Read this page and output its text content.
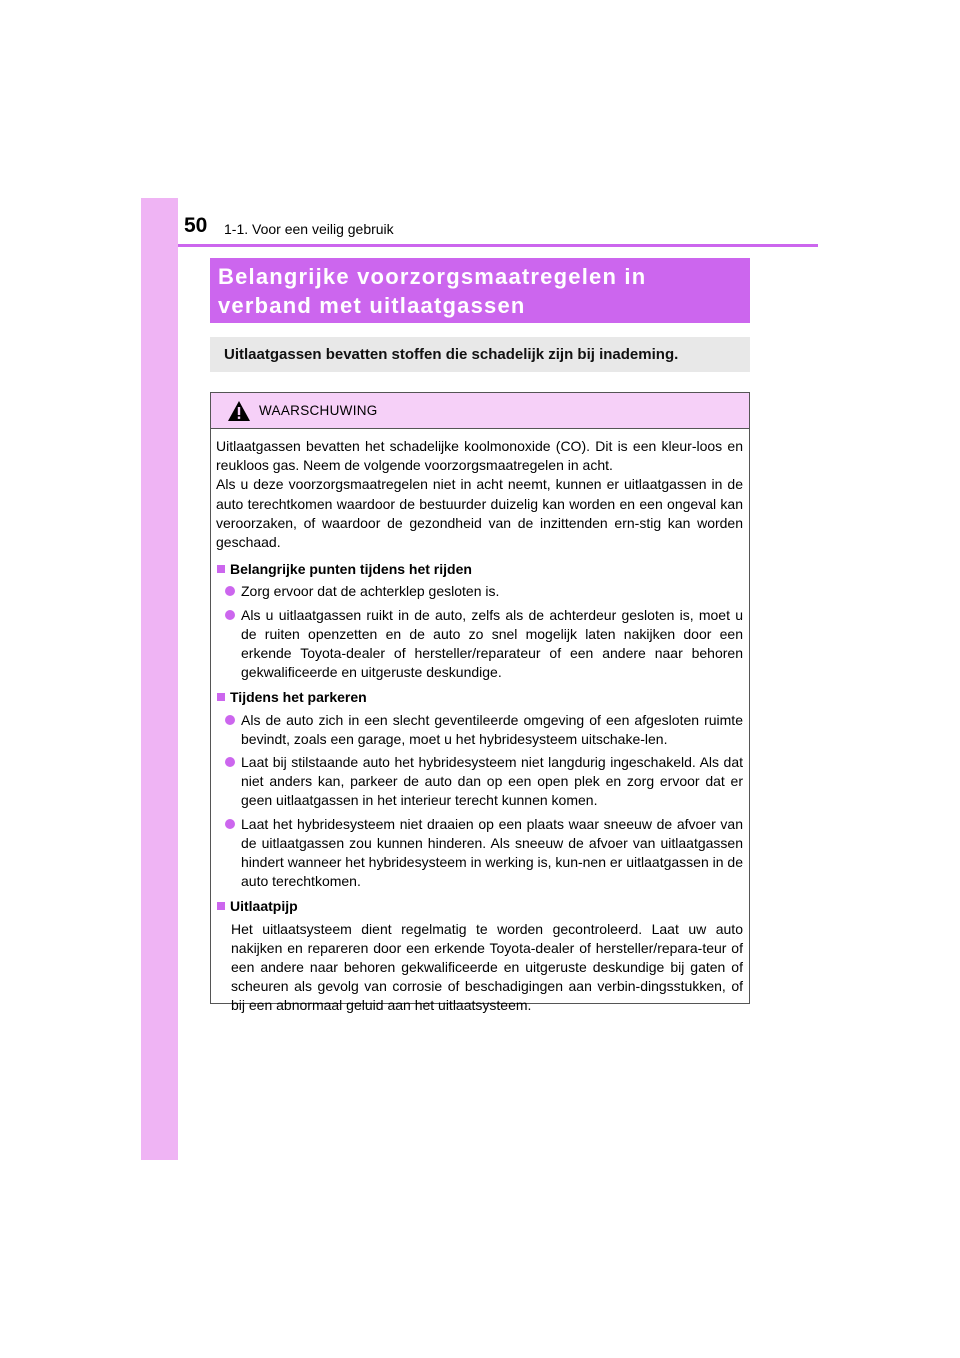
50 1-1. Voor een veilig gebruik
Belangrijke voorzorgsmaatregelen in
verband met uitlaatgassen
Uitlaatgassen bevatten stoffen die schadelijk zijn bij inademing.
WAARSCHUWING

Uitlaatgassen bevatten het schadelijke koolmonoxide (CO). Dit is een kleur-loos en reukloos gas. Neem de volgende voorzorgsmaatregelen in acht.

Als u deze voorzorgsmaatregelen niet in acht neemt, kunnen er uitlaatgassen in de auto terechtkomen waardoor de bestuurder duizelig kan worden en een ongeval kan veroorzaken, of waardoor de gezondheid van de inzittenden ern-stig kan worden geschaad.

Belangrijke punten tijdens het rijden
Zorg ervoor dat de achterklep gesloten is.
Als u uitlaatgassen ruikt in de auto, zelfs als de achterdeur gesloten is, moet u de ruiten openzetten en de auto zo snel mogelijk laten nakijken door een erkende Toyota-dealer of hersteller/reparateur of een andere naar behoren gekwalificeerde en uitgeruste deskundige.
Tijdens het parkeren
Als de auto zich in een slecht geventileerde omgeving of een afgesloten ruimte bevindt, zoals een garage, moet u het hybridesysteem uitschake-len.
Laat bij stilstaande auto het hybridesysteem niet langdurig ingeschakeld. Als dat niet anders kan, parkeer de auto dan op een open plek en zorg ervoor dat er geen uitlaatgassen in het interieur terecht kunnen komen.
Laat het hybridesysteem niet draaien op een plaats waar sneeuw de afvoer van de uitlaatgassen zou kunnen hinderen. Als sneeuw de afvoer van uitlaatgassen hindert wanneer het hybridesysteem in werking is, kun-nen er uitlaatgassen in de auto terechtkomen.
Uitlaatpijp

Het uitlaatsysteem dient regelmatig te worden gecontroleerd. Laat uw auto nakijken en repareren door een erkende Toyota-dealer of hersteller/repara-teur of een andere naar behoren gekwalificeerde en uitgeruste deskundige bij gaten of scheuren als gevolg van corrosie of beschadigingen aan verbin-dingsstukken, of bij een abnormaal geluid aan het uitlaatsysteem.
